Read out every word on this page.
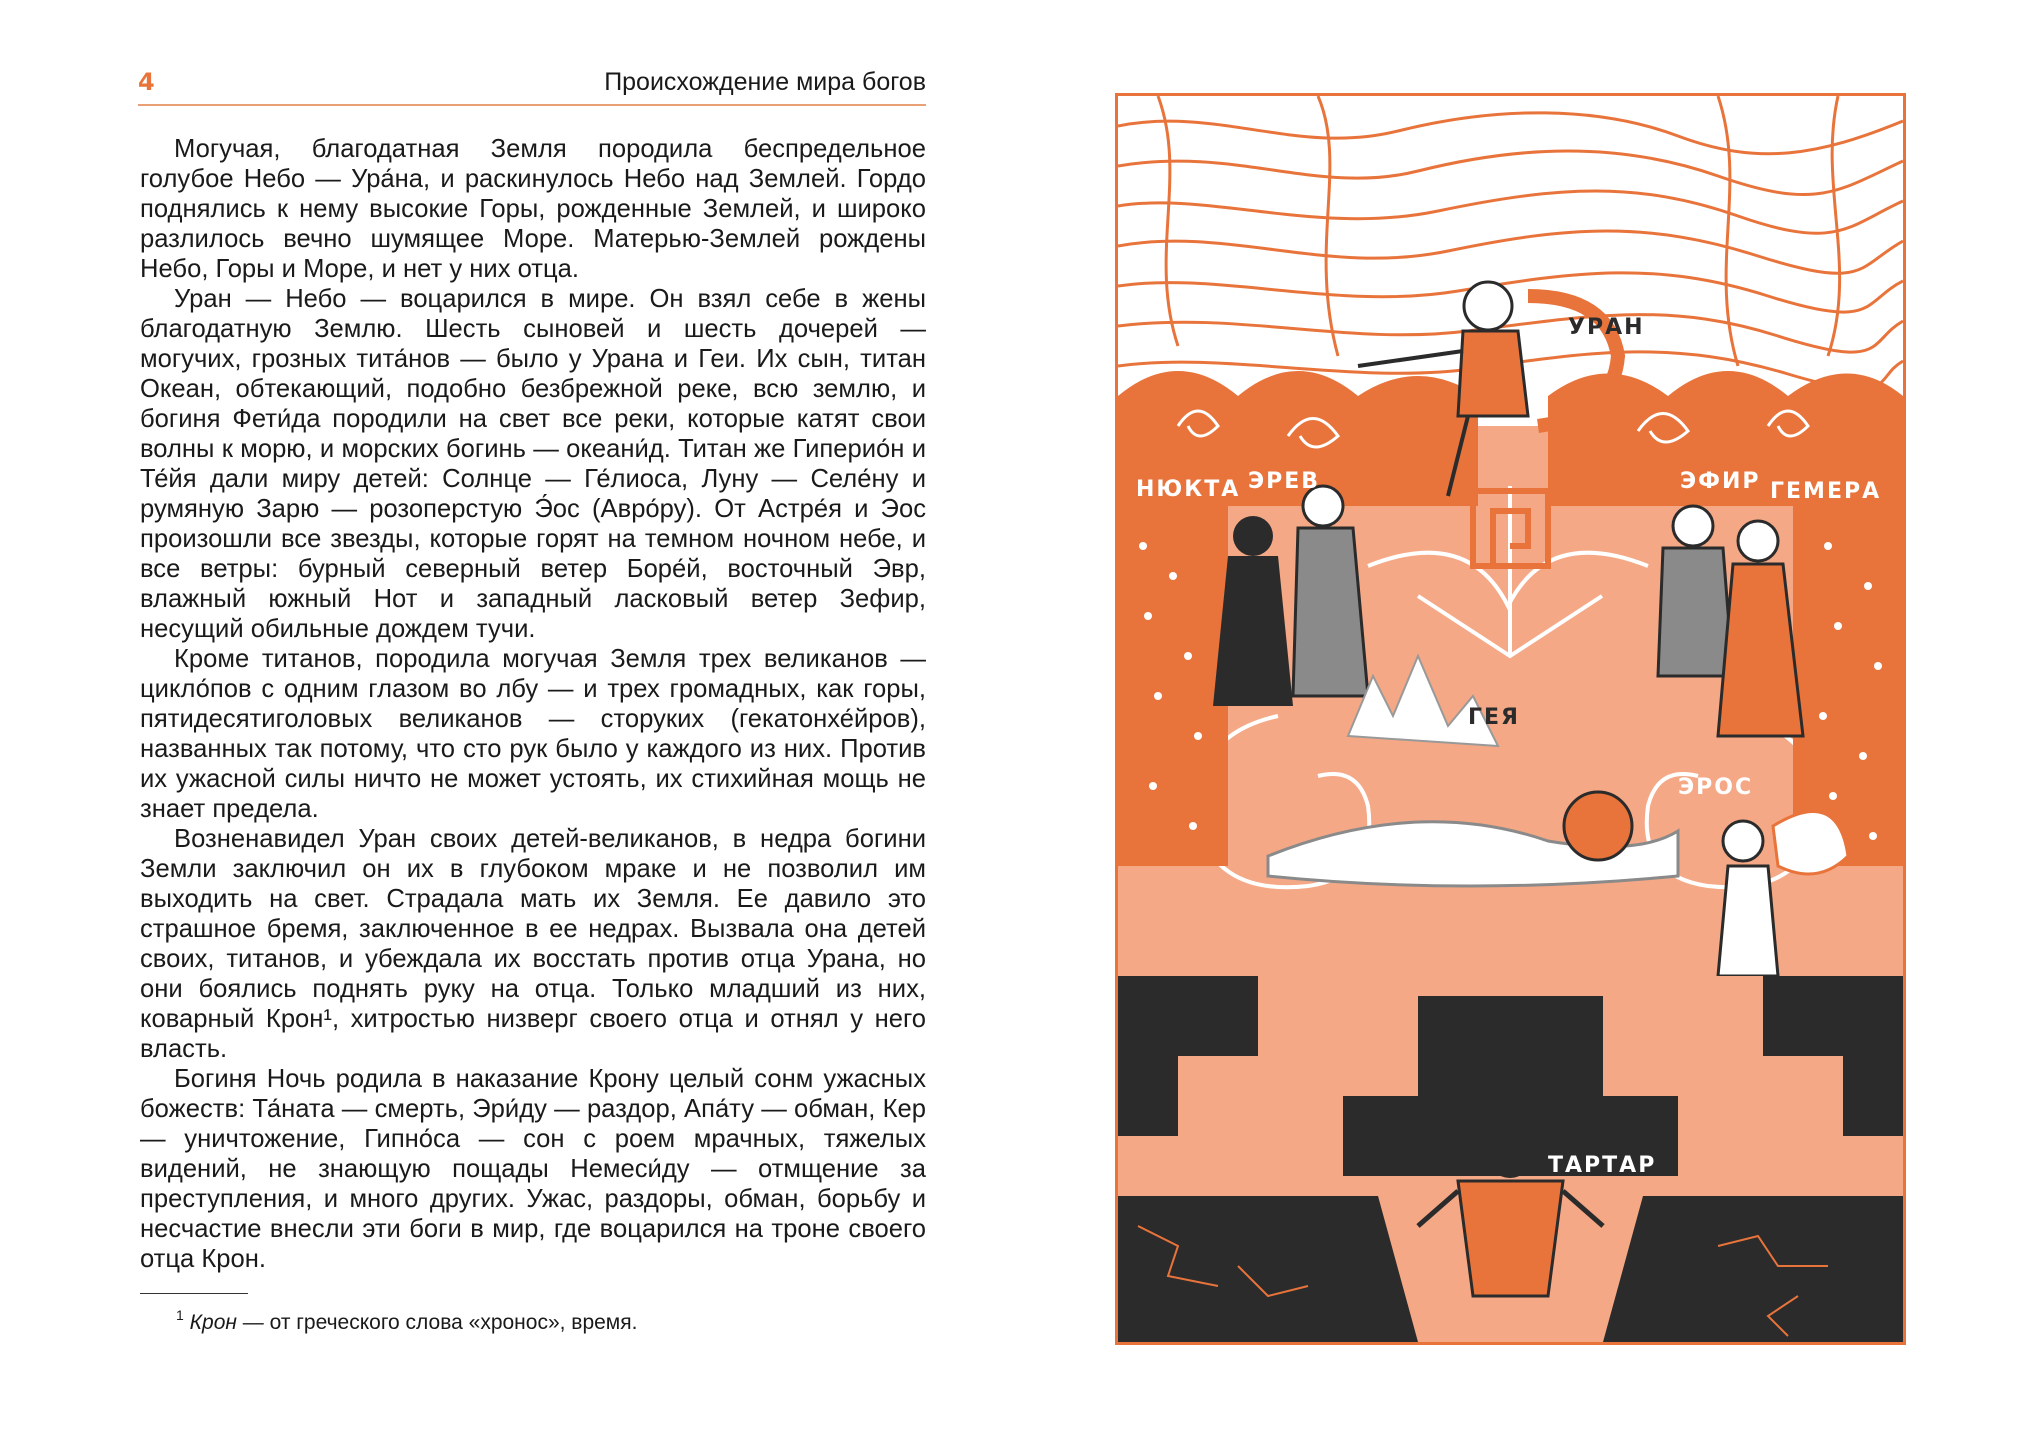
4	Происхождение мира богов

Могучая, благодатная Земля породила беспредельное голубое Небо — Ура́на, и раскинулось Небо над Землей. Гордо поднялись к нему высокие Горы, рожденные Землей, и широко разлилось вечно шумящее Море. Матерью-Землей рождены Небо, Горы и Море, и нет у них отца.

Уран — Небо — воцарился в мире. Он взял себе в жены благодатную Землю. Шесть сыновей и шесть дочерей — могучих, грозных тита́нов — было у Урана и Геи. Их сын, титан Океан, обтекающий, подобно безбрежной реке, всю землю, и богиня Фети́да породили на свет все реки, которые катят свои волны к морю, и морских богинь — океани́д. Титан же Гиперио́н и Те́йя дали миру детей: Солнце — Ге́лиоса, Луну — Селе́ну и румяную Зарю — розоперстую Э́ос (Авро́ру). От Астре́я и Эос произошли все звезды, которые горят на темном ночном небе, и все ветры: бурный северный ветер Боре́й, восточный Эвр, влажный южный Нот и западный ласковый ветер Зефир, несущий обильные дождем тучи.

Кроме титанов, породила могучая Земля трех великанов — цикло́пов с одним глазом во лбу — и трех громадных, как горы, пятидесятиголовых великанов — сторуких (гекатонхе́йров), названных так потому, что сто рук было у каждого из них. Против их ужасной силы ничто не может устоять, их стихийная мощь не знает предела.

Возненавидел Уран своих детей-великанов, в недра богини Земли заключил он их в глубоком мраке и не позволил им выходить на свет. Страдала мать их Земля. Ее давило это страшное бремя, заключенное в ее недрах. Вызвала она детей своих, титанов, и убеждала их восстать против отца Урана, но они боялись поднять руку на отца. Только младший из них, коварный Крон¹, хитростью низверг своего отца и отнял у него власть.

Богиня Ночь родила в наказание Крону целый сонм ужасных божеств: Та́ната — смерть, Эри́ду — раздор, Апа́ту — обман, Кер — уничтожение, Гипно́са — сон с роем мрачных, тяжелых видений, не знающую пощады Немеси́ду — отмщение за преступления, и много других. Ужас, раздоры, обман, борьбу и несчастие внесли эти боги в мир, где воцарился на троне своего отца Крон.

$^1$ Крон — от греческого слова «хронос», время.
УРАН
НЮКТА ЭРЕВ	ЭФИР ГЕМЕРА
ГЕЯ
ЭРОС
ТАРТАР
